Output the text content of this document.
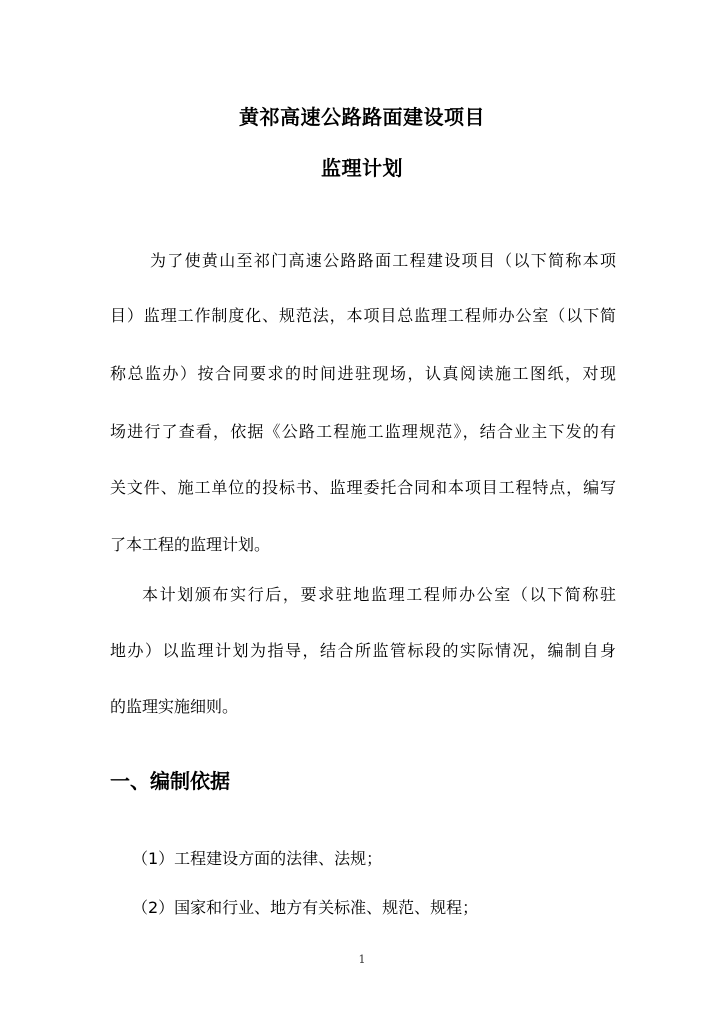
黄祁高速公路路面建设项目
监理计划
为了使黄山至祁门高速公路路面工程建设项目（以下简称本项
目）监理工作制度化、规范法，本项目总监理工程师办公室（以下简
称总监办）按合同要求的时间进驻现场，认真阅读施工图纸，对现
场进行了查看，依据《公路工程施工监理规范》，结合业主下发的有
关文件、施工单位的投标书、监理委托合同和本项目工程特点，编写
了本工程的监理计划。
本计划颁布实行后，要求驻地监理工程师办公室（以下简称驻
地办）以监理计划为指导，结合所监管标段的实际情况，编制自身
的监理实施细则。
一、编制依据
（1）工程建设方面的法律、法规；
（2）国家和行业、地方有关标准、规范、规程；
1
